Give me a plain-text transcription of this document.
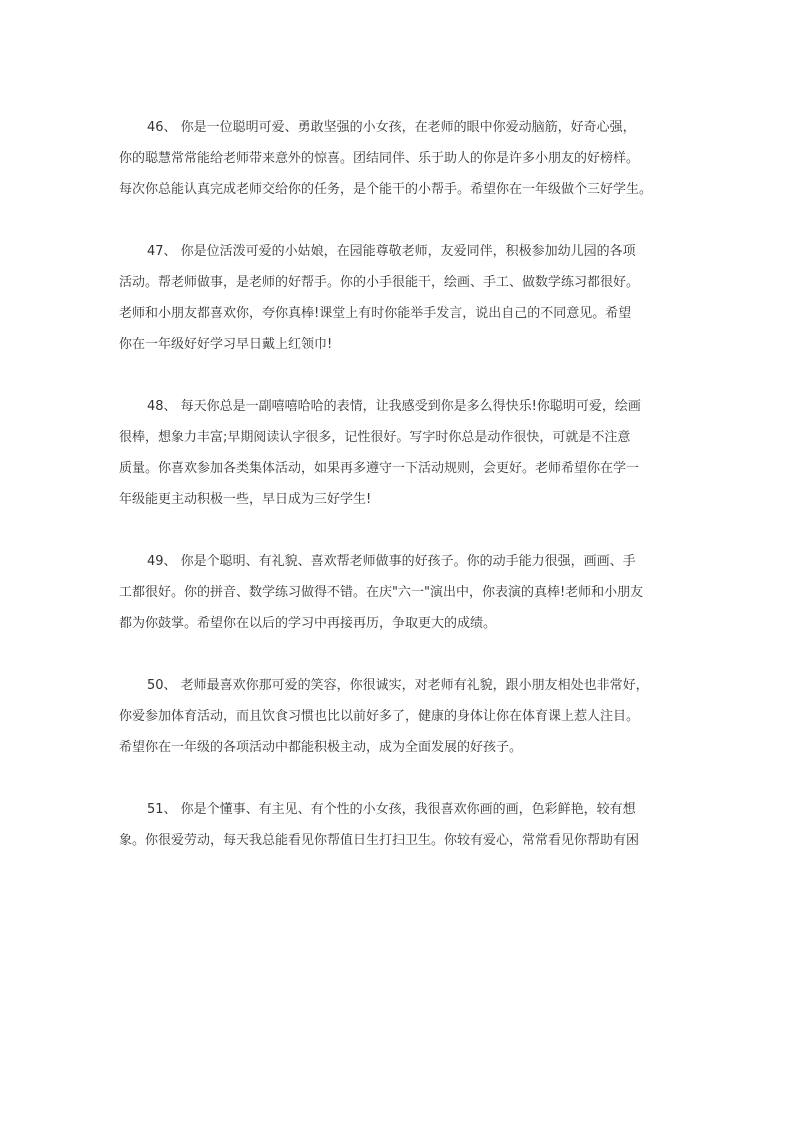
46、 你是一位聪明可爱、勇敢坚强的小女孩，在老师的眼中你爱动脑筋，好奇心强，
你的聪慧常常能给老师带来意外的惊喜。团结同伴、乐于助人的你是许多小朋友的好榜样。
每次你总能认真完成老师交给你的任务，是个能干的小帮手。希望你在一年级做个三好学生。
47、 你是位活泼可爱的小姑娘，在园能尊敬老师，友爱同伴，积极参加幼儿园的各项
活动。帮老师做事，是老师的好帮手。你的小手很能干，绘画、手工、做数学练习都很好。
老师和小朋友都喜欢你，夸你真棒!课堂上有时你能举手发言，说出自己的不同意见。希望
你在一年级好好学习早日戴上红领巾!
48、 每天你总是一副嘻嘻哈哈的表情，让我感受到你是多么得快乐!你聪明可爱，绘画
很棒，想象力丰富;早期阅读认字很多，记性很好。写字时你总是动作很快，可就是不注意
质量。你喜欢参加各类集体活动，如果再多遵守一下活动规则，会更好。老师希望你在学一
年级能更主动积极一些，早日成为三好学生!
49、 你是个聪明、有礼貌、喜欢帮老师做事的好孩子。你的动手能力很强，画画、手
工都很好。你的拼音、数学练习做得不错。在庆"六一"演出中，你表演的真棒!老师和小朋友
都为你鼓掌。希望你在以后的学习中再接再历，争取更大的成绩。
50、 老师最喜欢你那可爱的笑容，你很诚实，对老师有礼貌，跟小朋友相处也非常好，
你爱参加体育活动，而且饮食习惯也比以前好多了，健康的身体让你在体育课上惹人注目。
希望你在一年级的各项活动中都能积极主动，成为全面发展的好孩子。
51、 你是个懂事、有主见、有个性的小女孩，我很喜欢你画的画，色彩鲜艳，较有想
象。你很爱劳动，每天我总能看见你帮值日生打扫卫生。你较有爱心，常常看见你帮助有困
